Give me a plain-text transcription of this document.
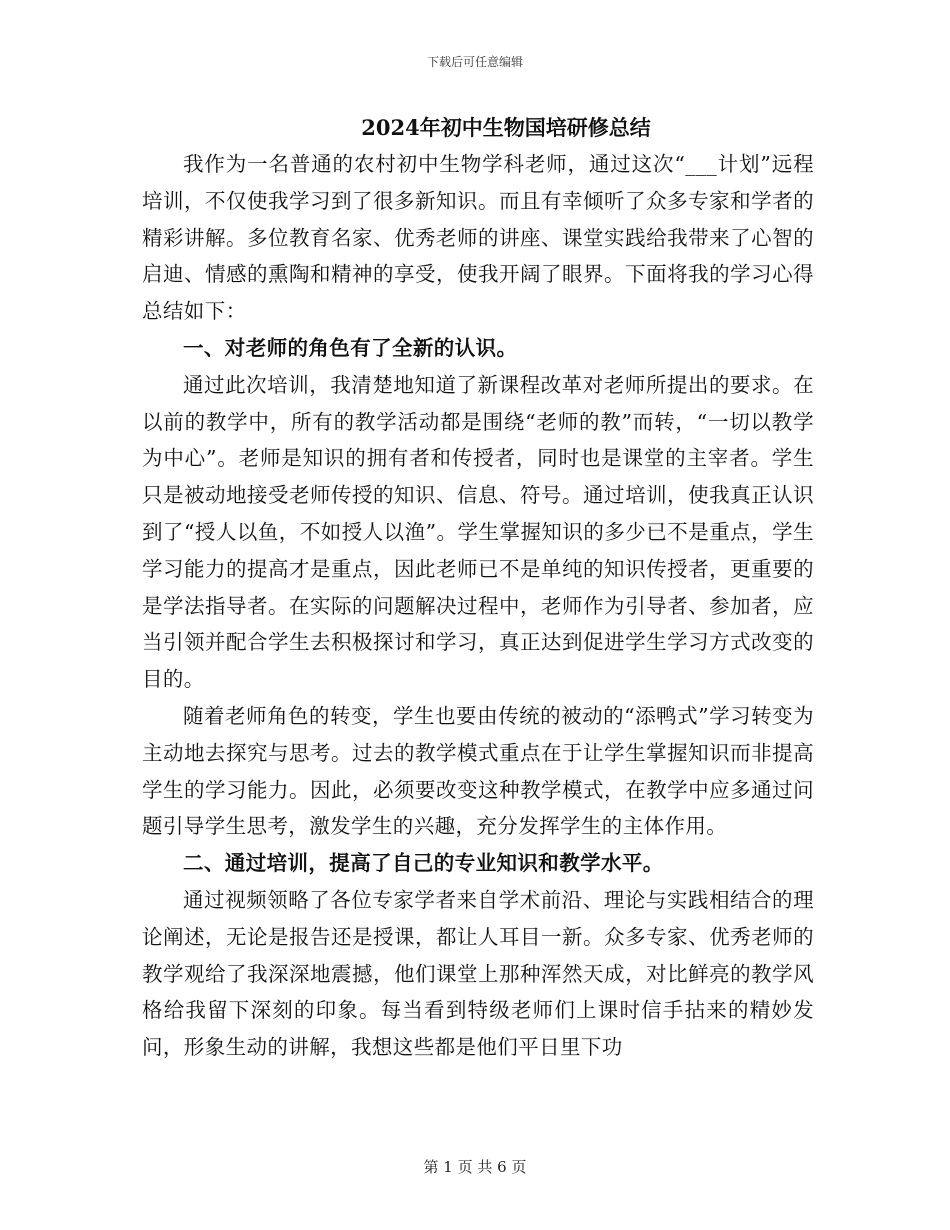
下载后可任意编辑
2024年初中生物国培研修总结

我作为一名普通的农村初中生物学科老师，通过这次“___计划”远程培训，不仅使我学习到了很多新知识。而且有幸倾听了众多专家和学者的精彩讲解。多位教育名家、优秀老师的讲座、课堂实践给我带来了心智的启迪、情感的熏陶和精神的享受，使我开阔了眼界。下面将我的学习心得总结如下：

一、对老师的角色有了全新的认识。

通过此次培训，我清楚地知道了新课程改革对老师所提出的要求。在以前的教学中，所有的教学活动都是围绕“老师的教”而转，“一切以教学为中心”。老师是知识的拥有者和传授者，同时也是课堂的主宰者。学生只是被动地接受老师传授的知识、信息、符号。通过培训，使我真正认识到了“授人以鱼，不如授人以渔”。学生掌握知识的多少已不是重点，学生学习能力的提高才是重点，因此老师已不是单纯的知识传授者，更重要的是学法指导者。在实际的问题解决过程中，老师作为引导者、参加者，应当引领并配合学生去积极探讨和学习，真正达到促进学生学习方式改变的目的。

随着老师角色的转变，学生也要由传统的被动的“添鸭式”学习转变为主动地去探究与思考。过去的教学模式重点在于让学生掌握知识而非提高学生的学习能力。因此，必须要改变这种教学模式，在教学中应多通过问题引导学生思考，激发学生的兴趣，充分发挥学生的主体作用。

二、通过培训，提高了自己的专业知识和教学水平。

通过视频领略了各位专家学者来自学术前沿、理论与实践相结合的理论阐述，无论是报告还是授课，都让人耳目一新。众多专家、优秀老师的教学观给了我深深地震撼，他们课堂上那种浑然天成，对比鲜亮的教学风格给我留下深刻的印象。每当看到特级老师们上课时信手拈来的精妙发问，形象生动的讲解，我想这些都是他们平日里下功

第 1 页 共 6 页
